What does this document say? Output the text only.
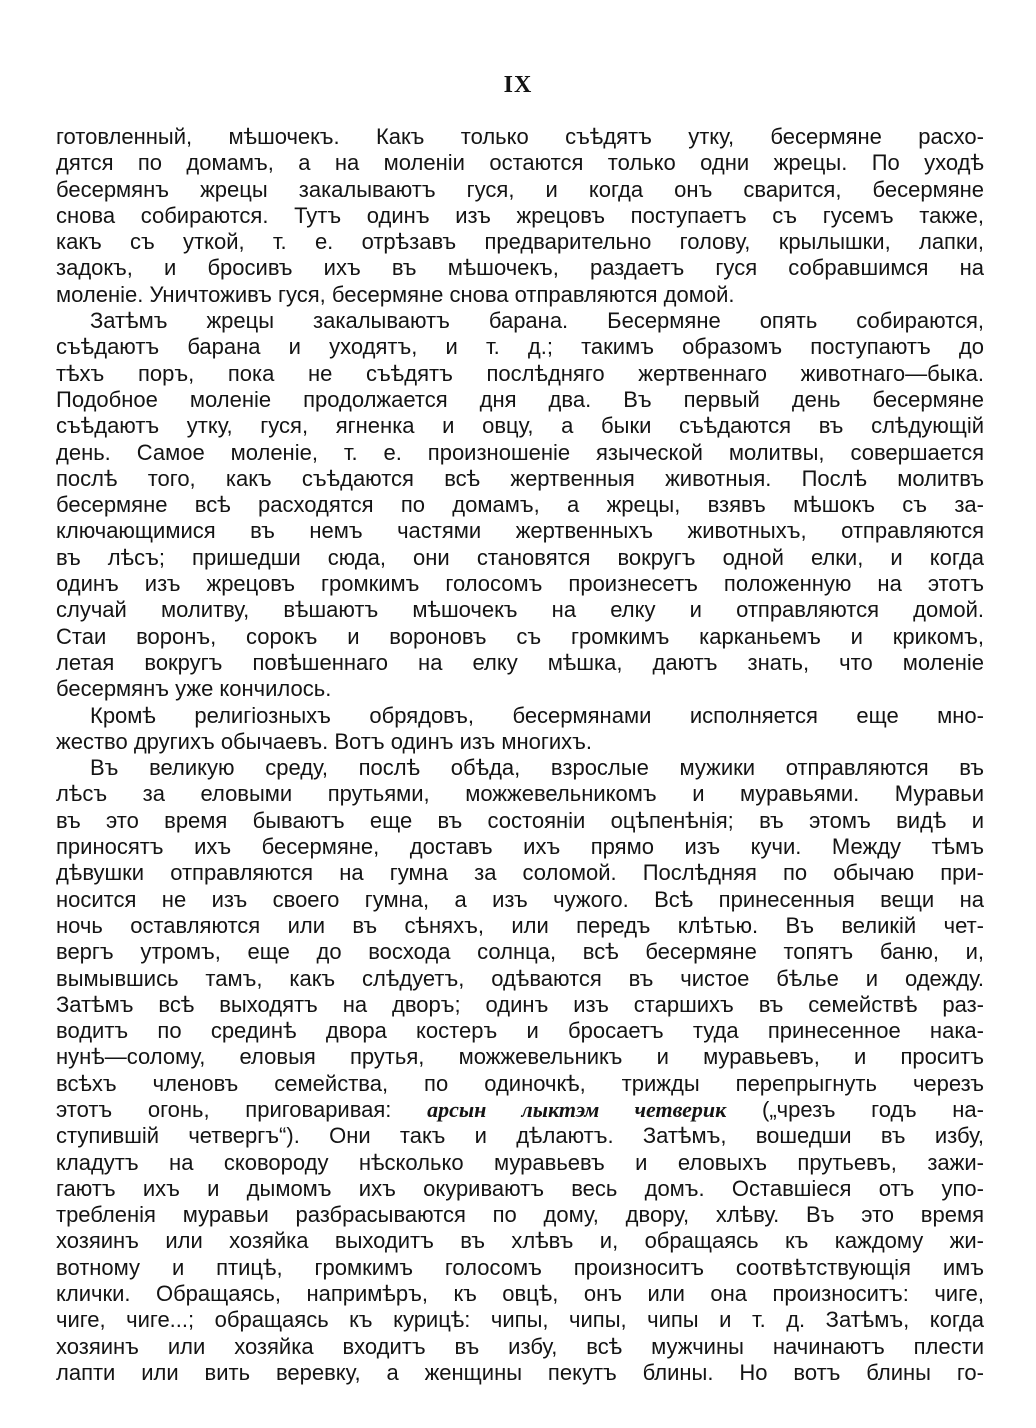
IX
готовленный, мѣшочекъ. Какъ только съѣдятъ утку, бесермяне расхо-
дятся по домамъ, а на моленіи остаются только одни жрецы. По уходѣ
бесермянъ жрецы закалываютъ гуся, и когда онъ сварится, бесермяне
снова собираются. Тутъ одинъ изъ жрецовъ поступаетъ съ гусемъ также,
какъ съ уткой, т. е. отрѣзавъ предварительно голову, крылышки, лапки,
задокъ, и бросивъ ихъ въ мѣшочекъ, раздаетъ гуся собравшимся на
моленіе. Уничтоживъ гуся, бесермяне снова отправляются домой.
Затѣмъ жрецы закалываютъ барана. Бесермяне опять собираются,
съѣдаютъ барана и уходятъ, и т. д.; такимъ образомъ поступаютъ до
тѣхъ поръ, пока не съѣдятъ послѣдняго жертвеннаго животнаго—быка.
Подобное моленіе продолжается дня два. Въ первый день бесермяне
съѣдаютъ утку, гуся, ягненка и овцу, а быки съѣдаются въ слѣдующій
день. Самое моленіе, т. е. произношеніе языческой молитвы, совершается
послѣ того, какъ съѣдаются всѣ жертвенныя животныя. Послѣ молитвъ
бесермяне всѣ расходятся по домамъ, а жрецы, взявъ мѣшокъ съ за-
ключающимися въ немъ частями жертвенныхъ животныхъ, отправляются
въ лѣсъ; пришедши сюда, они становятся вокругъ одной елки, и когда
одинъ изъ жрецовъ громкимъ голосомъ произнесетъ положенную на этотъ
случай молитву, вѣшаютъ мѣшочекъ на елку и отправляются домой.
Стаи воронъ, сорокъ и вороновъ съ громкимъ карканьемъ и крикомъ,
летая вокругъ повѣшеннаго на елку мѣшка, даютъ знать, что моленіе
бесермянъ уже кончилось.
Кромѣ религіозныхъ обрядовъ, бесермянами исполняется еще мно-
жество другихъ обычаевъ. Вотъ одинъ изъ многихъ.
Въ великую среду, послѣ обѣда, взрослые мужики отправляются въ
лѣсъ за еловыми прутьями, можжевельникомъ и муравьями. Муравьи
въ это время бываютъ еще въ состояніи оцѣпенѣнія; въ этомъ видѣ и
приносятъ ихъ бесермяне, доставъ ихъ прямо изъ кучи. Между тѣмъ
дѣвушки отправляются на гумна за соломой. Послѣдняя по обычаю при-
носится не изъ своего гумна, а изъ чужого. Всѣ принесенныя вещи на
ночь оставляются или въ сѣняхъ, или передъ клѣтью. Въ великій чет-
вергъ утромъ, еще до восхода солнца, всѣ бесермяне топятъ баню, и,
вымывшись тамъ, какъ слѣдуетъ, одѣваются въ чистое бѣлье и одежду.
Затѣмъ всѣ выходятъ на дворъ; одинъ изъ старшихъ въ семействѣ раз-
водитъ по срединѣ двора костеръ и бросаетъ туда принесенное нака-
нунѣ—солому, еловыя прутья, можжевельникъ и муравьевъ, и проситъ
всѣхъ членовъ семейства, по одиночкѣ, трижды перепрыгнуть черезъ
этотъ огонь, приговаривая: арсын лыктэм четверик („чрезъ годъ на-
ступившій четвергъ“). Они такъ и дѣлаютъ. Затѣмъ, вошедши въ избу,
кладутъ на сковороду нѣсколько муравьевъ и еловыхъ прутьевъ, зажи-
гаютъ ихъ и дымомъ ихъ окуриваютъ весь домъ. Оставшіеся отъ упо-
требленія муравьи разбрасываются по дому, двору, хлѣву. Въ это время
хозяинъ или хозяйка выходитъ въ хлѣвъ и, обращаясь къ каждому жи-
вотному и птицѣ, громкимъ голосомъ произноситъ соотвѣтствующія имъ
клички. Обращаясь, напримѣръ, къ овцѣ, онъ или она произноситъ: чиге,
чиге, чиге...; обращаясь къ курицѣ: чипы, чипы, чипы и т. д. Затѣмъ, когда
хозяинъ или хозяйка входитъ въ избу, всѣ мужчины начинаютъ плести
лапти или вить веревку, а женщины пекутъ блины. Но вотъ блины го-
